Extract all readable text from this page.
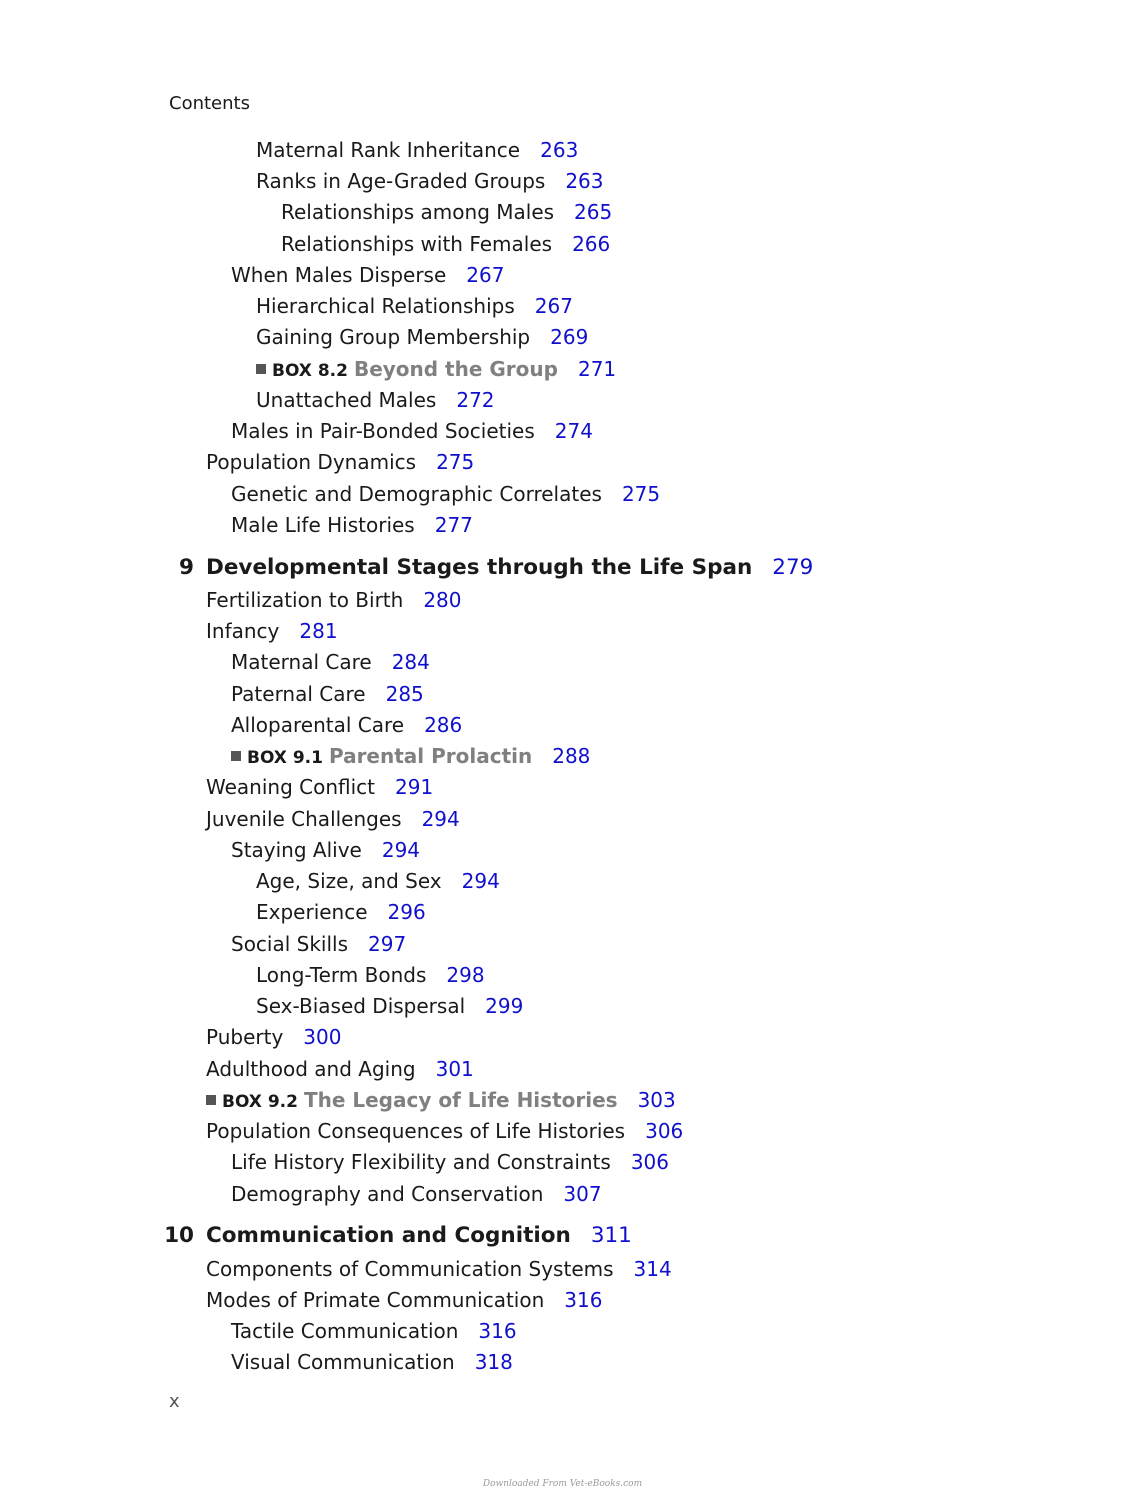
Contents
Maternal Rank Inheritance 263
Ranks in Age-Graded Groups 263
Relationships among Males 265
Relationships with Females 266
When Males Disperse 267
Hierarchical Relationships 267
Gaining Group Membership 269
BOX 8.2 Beyond the Group 271
Unattached Males 272
Males in Pair-Bonded Societies 274
Population Dynamics 275
Genetic and Demographic Correlates 275
Male Life Histories 277
9 Developmental Stages through the Life Span 279
Fertilization to Birth 280
Infancy 281
Maternal Care 284
Paternal Care 285
Alloparental Care 286
BOX 9.1 Parental Prolactin 288
Weaning Conflict 291
Juvenile Challenges 294
Staying Alive 294
Age, Size, and Sex 294
Experience 296
Social Skills 297
Long-Term Bonds 298
Sex-Biased Dispersal 299
Puberty 300
Adulthood and Aging 301
BOX 9.2 The Legacy of Life Histories 303
Population Consequences of Life Histories 306
Life History Flexibility and Constraints 306
Demography and Conservation 307
10 Communication and Cognition 311
Components of Communication Systems 314
Modes of Primate Communication 316
Tactile Communication 316
Visual Communication 318
x
Downloaded From Vet-eBooks.com
